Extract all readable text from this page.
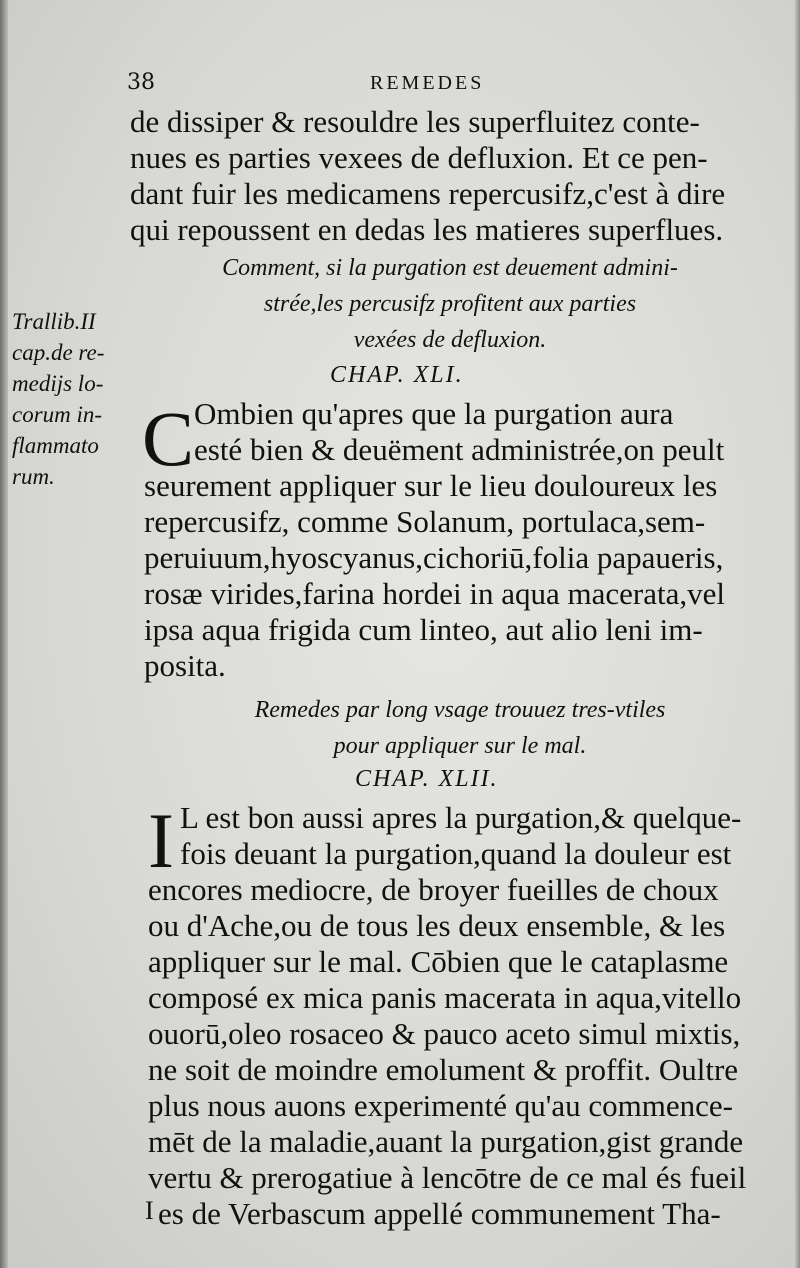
38	REMEDES
de dissiper & resouldre les superfluitez conte-
nues es parties vexees de defluxion. Et ce pen-
dant fuir les medicamens repercusifz,c'est à dire
qui repoussent en dedas les matieres superflues.
Comment, si la purgation est deuement admini-
strée,les percusifz profitent aux parties
vexées de defluxion.
CHAP. XLI.
Trallib.II
cap.de re-
medijs lo-
corum in-
flammato
rum.	C Ombien qu'apres que la purgation aura
esté bien & deuëment administrée,on peult
seurement appliquer sur le lieu douloureux les
repercusifz, comme Solanum, portulaca,sem-
peruiuum,hyoscyanus,cichoriū,folia papaueris,
rosæ virides,farina hordei in aqua macerata,vel
ipsa aqua frigida cum linteo, aut alio leni im-
posita.
Remedes par long vsage trouuez tres-vtiles
pour appliquer sur le mal.
CHAP. XLII.
I L est bon aussi apres la purgation,& quelque-
fois deuant la purgation,quand la douleur est
encores mediocre, de broyer fueilles de choux
ou d'Ache,ou de tous les deux ensemble, & les
appliquer sur le mal. Cōbien que le cataplasme
composé ex mica panis macerata in aqua,vitello
ouorū,oleo rosaceo & pauco aceto simul mixtis,
ne soit de moindre emolument & proffit. Oultre
plus nous auons experimenté qu'au commence-
mēt de la maladie,auant la purgation,gist grande
vertu & prerogatiue à lencōtre de ce mal és fueil
es de Verbascum appellé communement Tha-
I
